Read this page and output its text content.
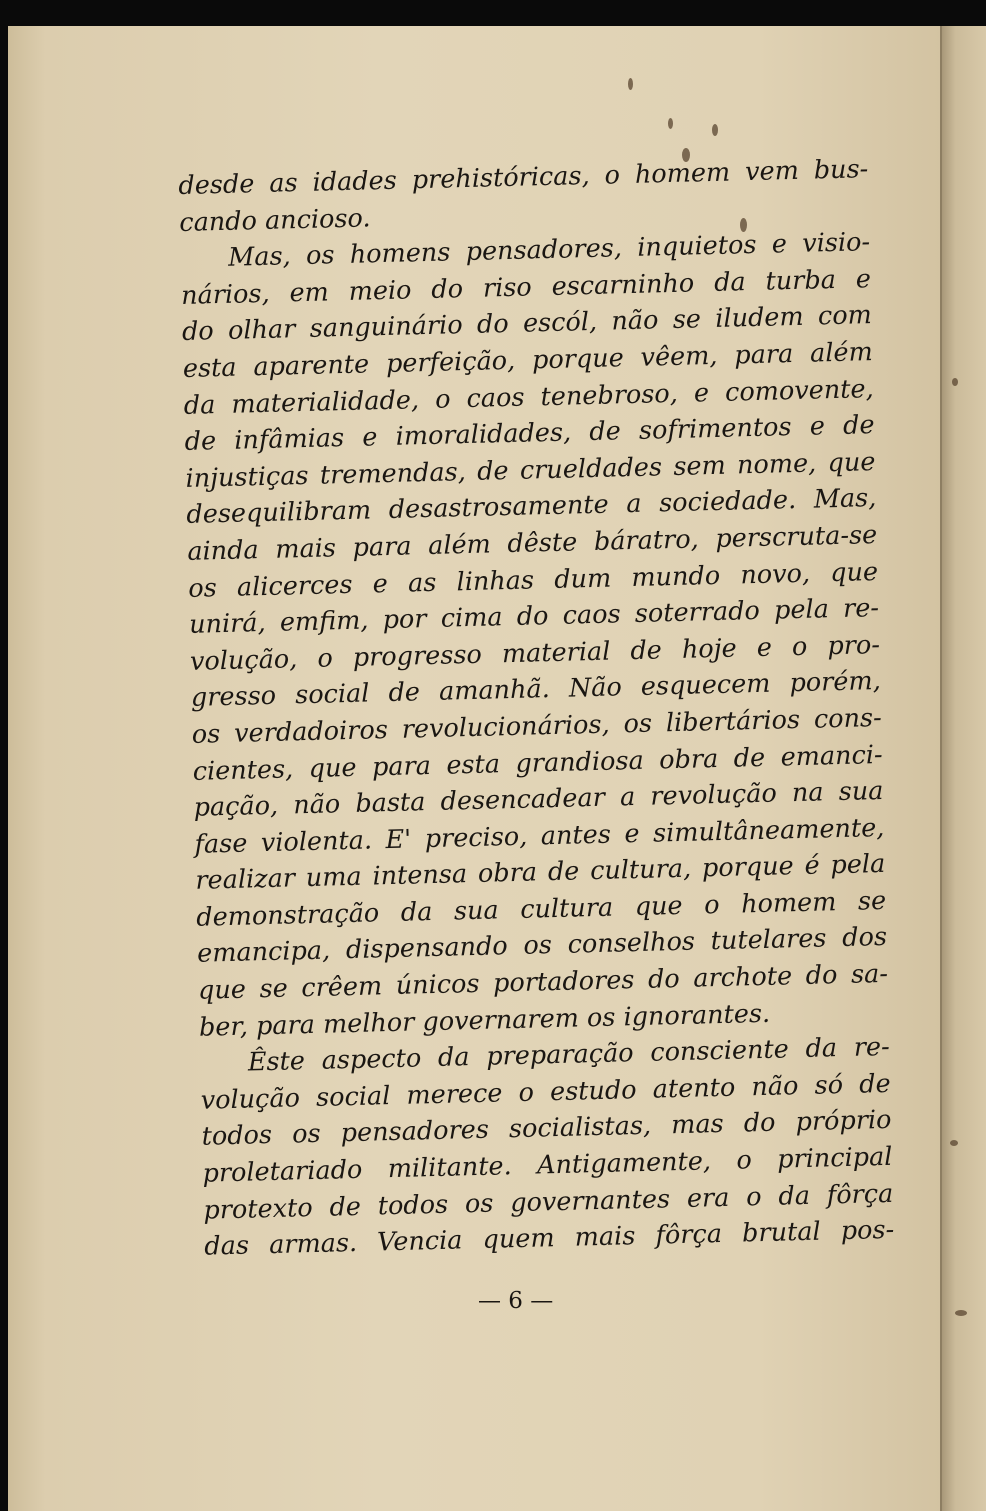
desde as idades prehistóricas, o homem vem bus-
cando ancioso.
Mas, os homens pensadores, inquietos e visio-
nários, em meio do riso escarninho da turba e
do olhar sanguinário do escól, não se iludem com
esta aparente perfeição, porque vêem, para além
da materialidade, o caos tenebroso, e comovente,
de infâmias e imoralidades, de sofrimentos e de
injustiças tremendas, de crueldades sem nome, que
desequilibram desastrosamente a sociedade. Mas,
ainda mais para além dêste báratro, perscruta-se
os alicerces e as linhas dum mundo novo, que
unirá, emfim, por cima do caos soterrado pela re-
volução, o progresso material de hoje e o pro-
gresso social de amanhã. Não esquecem porém,
os verdadoiros revolucionários, os libertários cons-
cientes, que para esta grandiosa obra de emanci-
pação, não basta desencadear a revolução na sua
fase violenta. E' preciso, antes e simultâneamente,
realizar uma intensa obra de cultura, porque é pela
demonstração da sua cultura que o homem se
emancipa, dispensando os conselhos tutelares dos
que se crêem únicos portadores do archote do sa-
ber, para melhor governarem os ignorantes.
Êste aspecto da preparação consciente da re-
volução social merece o estudo atento não só de
todos os pensadores socialistas, mas do próprio
proletariado militante. Antigamente, o principal
protexto de todos os governantes era o da fôrça
das armas. Vencia quem mais fôrça brutal pos-
— 6 —
